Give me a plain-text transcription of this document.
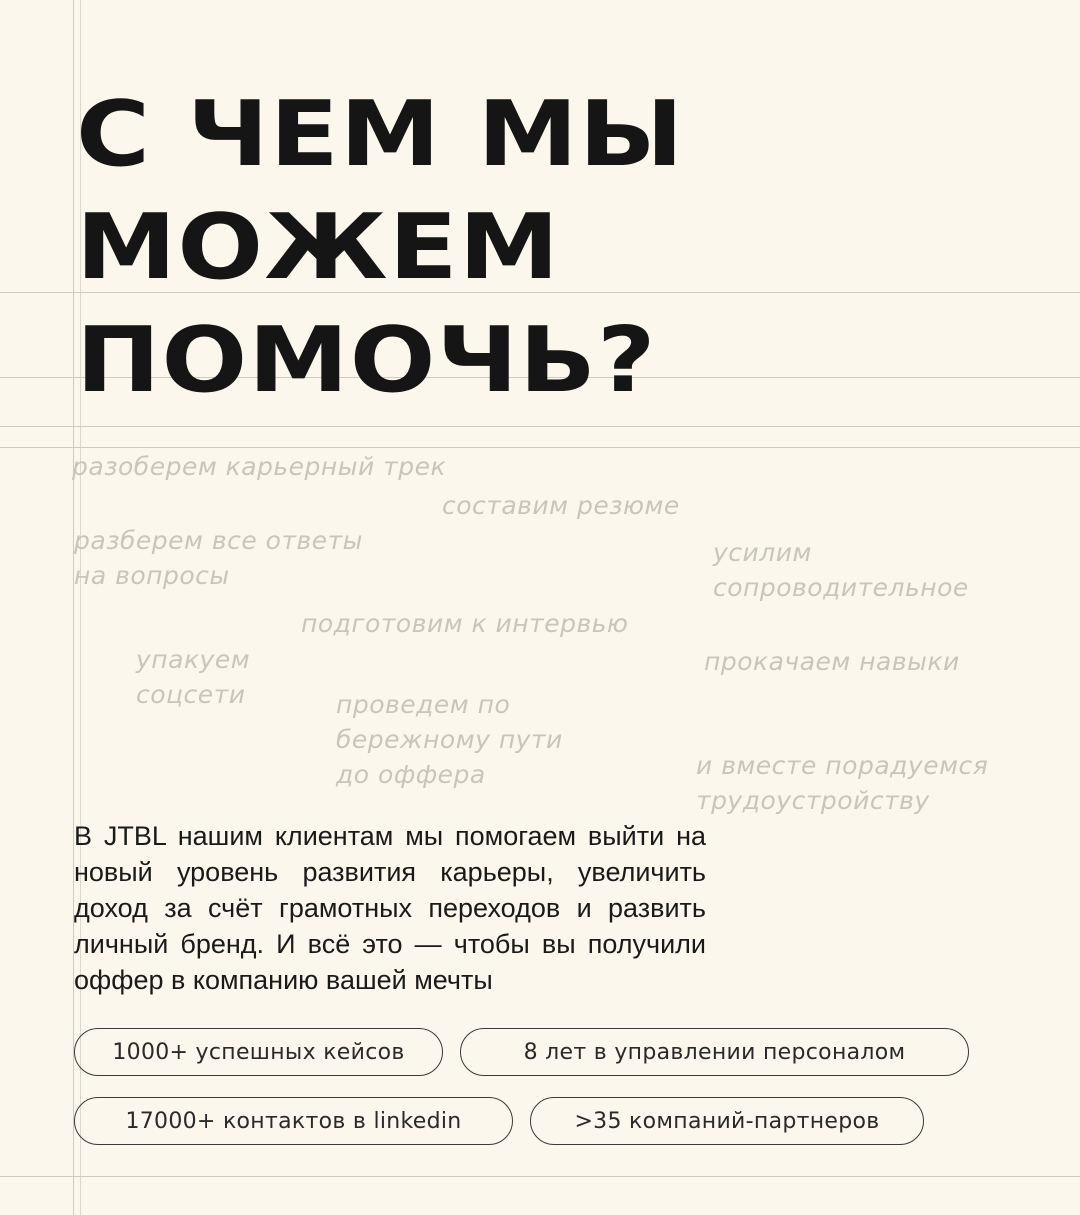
С ЧЕМ МЫ
МОЖЕМ
ПОМОЧЬ?
разоберем карьерный трек
составим резюме
разберем все ответы
на вопросы
усилим
сопроводительное
подготовим к интервью
упакуем
соцсети
прокачаем навыки
проведем по
бережному пути
до оффера	и вместе порадуемся
трудоустройству

В JTBL нашим клиентам мы помогаем выйти на новый уровень развития карьеры, увеличить доход за счёт грамотных переходов и развить личный бренд. И всё это — чтобы вы получили оффер в компанию вашей мечты

1000+ успешных кейсов	8 лет в управлении персоналом
17000+ контактов в linkedin	>35 компаний-партнеров
